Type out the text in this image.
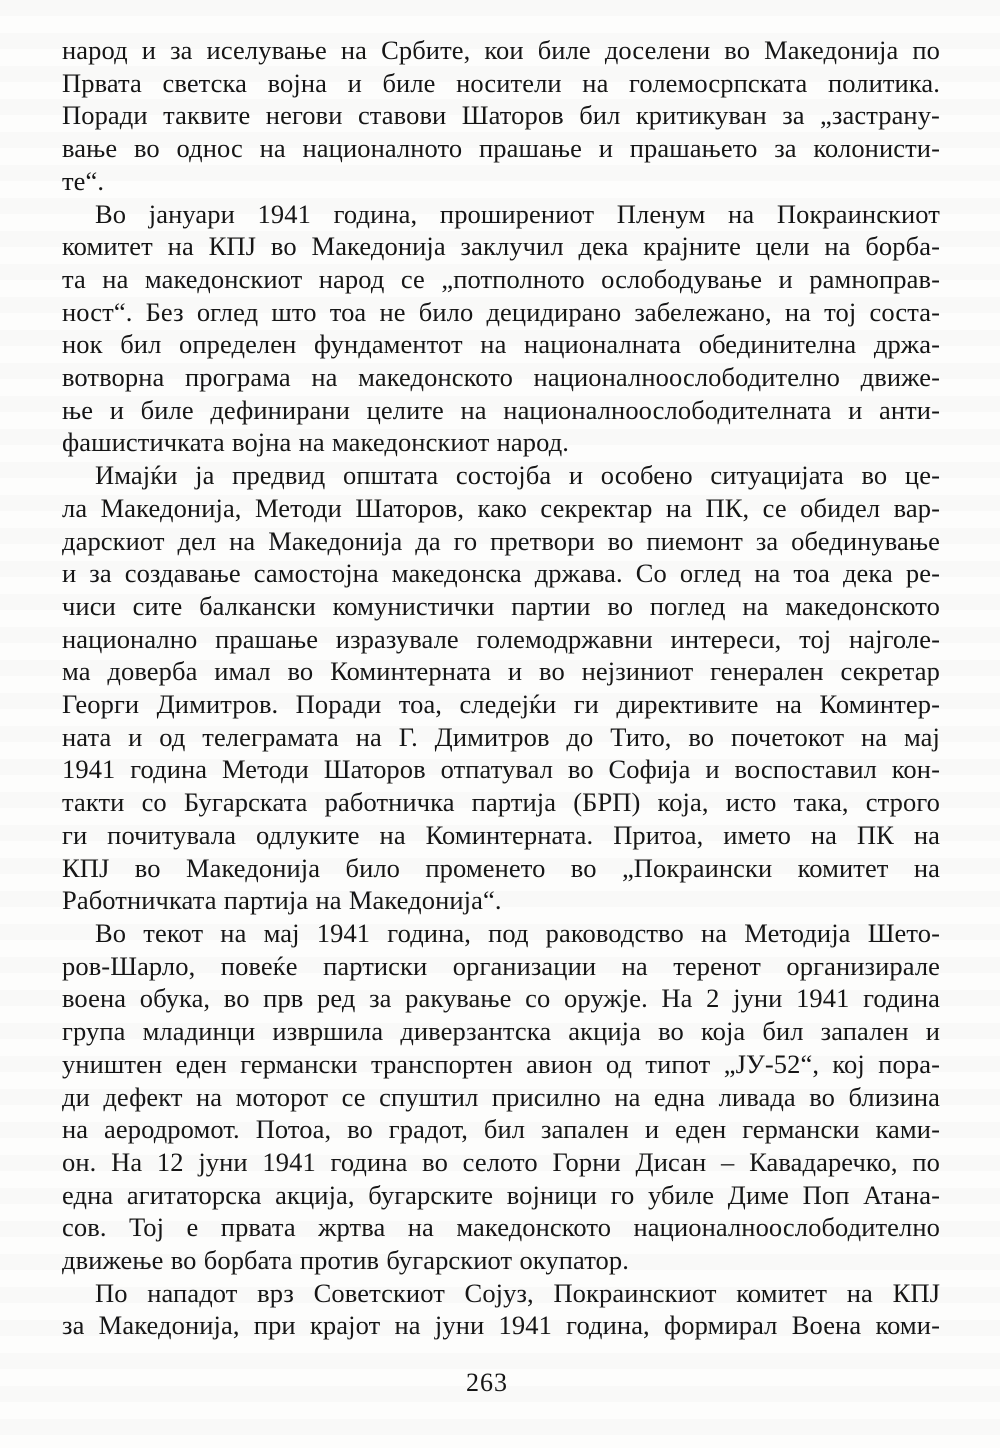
народ и за иселување на Србите, кои биле доселени во Македонија по
Првата светска војна и биле носители на големосрпската политика.
Поради таквите негови ставови Шаторов бил критикуван за „застрану-
вање во однос на националното прашање и прашањето за колонисти-
те“.
Во јануари 1941 година, проширениот Пленум на Покраинскиот
комитет на КПЈ во Македонија заклучил дека крајните цели на борба-
та на македонскиот народ се „потполното ослободување и рамноправ-
ност“. Без оглед што тоа не било децидирано забележано, на тој соста-
нок бил определен фундаментот на националната обединителна држа-
вотворна програма на македонското националноослободително движе-
ње и биле дефинирани целите на националноослободителната и анти-
фашистичката војна на македонскиот народ.
Имајќи ја предвид општата состојба и особено ситуацијата во це-
ла Македонија, Методи Шаторов, како секректар на ПК, се обидел вар-
дарскиот дел на Македонија да го претвори во пиемонт за обединување
и за создавање самостојна македонска држава. Со оглед на тоа дека ре-
чиси сите балкански комунистички партии во поглед на македонското
национално прашање изразувале големодржавни интереси, тој најголе-
ма доверба имал во Коминтерната и во нејзиниот генерален секретар
Георги Димитров. Поради тоа, следејќи ги директивите на Коминтер-
ната и од телеграмата на Г. Димитров до Тито, во почетокот на мај
1941 година Методи Шаторов отпатувал во Софија и воспоставил кон-
такти со Бугарската работничка партија (БРП) која, исто така, строго
ги почитувала одлуките на Коминтерната. Притоа, името на ПК на
КПЈ во Македонија било променето во „Покраински комитет на
Работничката партија на Македонија“.
Во текот на мај 1941 година, под раководство на Методија Шето-
ров-Шарло, повеќе партиски организации на теренот организирале
воена обука, во прв ред за ракување со оружје. На 2 јуни 1941 година
група младинци извршила диверзантска акција во која бил запален и
уништен еден германски транспортен авион од типот „ЈУ-52“, кој пора-
ди дефект на моторот се спуштил присилно на една ливада во близина
на аеродромот. Потоа, во градот, бил запален и еден германски ками-
он. На 12 јуни 1941 година во селото Горни Дисан – Кавадаречко, по
една агитаторска акција, бугарските војници го убиле Диме Поп Атана-
сов. Тој е првата жртва на македонското националноослободително
движење во борбата против бугарскиот окупатор.
По нападот врз Советскиот Сојуз, Покраинскиот комитет на КПЈ
за Македонија, при крајот на јуни 1941 година, формирал Воена коми-
263
